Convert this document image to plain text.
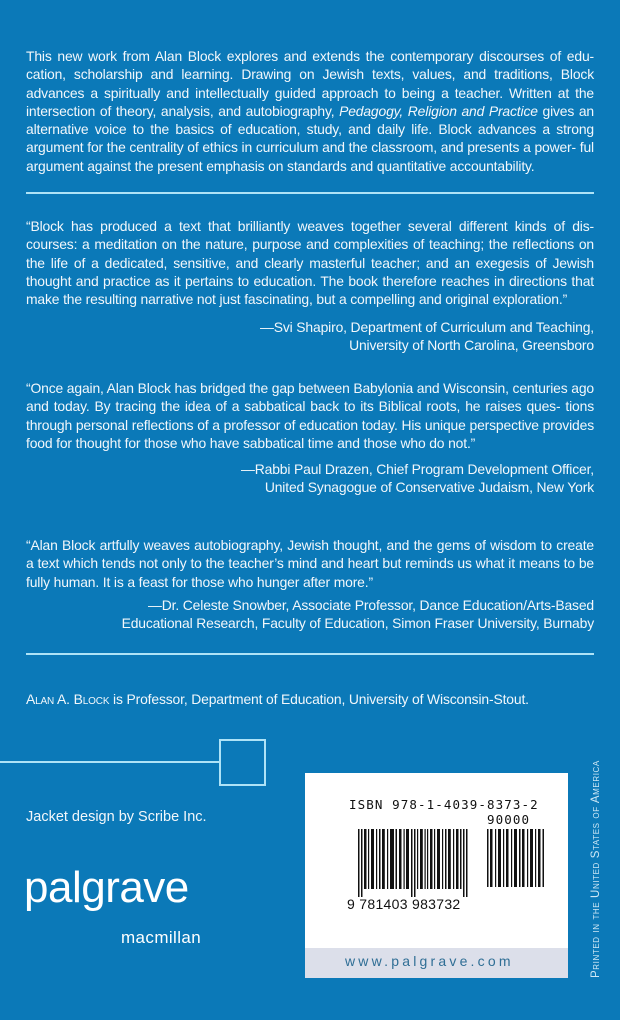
This new work from Alan Block explores and extends the contemporary discourses of edu- cation, scholarship and learning. Drawing on Jewish texts, values, and traditions, Block advances a spiritually and intellectually guided approach to being a teacher. Written at the intersection of theory, analysis, and autobiography, Pedagogy, Religion and Practice gives an alternative voice to the basics of education, study, and daily life. Block advances a strong argument for the centrality of ethics in curriculum and the classroom, and presents a power- ful argument against the present emphasis on standards and quantitative accountability.
“Block has produced a text that brilliantly weaves together several different kinds of dis- courses: a meditation on the nature, purpose and complexities of teaching; the reflections on the life of a dedicated, sensitive, and clearly masterful teacher; and an exegesis of Jewish thought and practice as it pertains to education. The book therefore reaches in directions that make the resulting narrative not just fascinating, but a compelling and original exploration.”
—Svi Shapiro, Department of Curriculum and Teaching,
University of North Carolina, Greensboro
“Once again, Alan Block has bridged the gap between Babylonia and Wisconsin, centuries ago and today. By tracing the idea of a sabbatical back to its Biblical roots, he raises ques- tions through personal reflections of a professor of education today. His unique perspective provides food for thought for those who have sabbatical time and those who do not.”
—Rabbi Paul Drazen, Chief Program Development Officer,
United Synagogue of Conservative Judaism, New York
“Alan Block artfully weaves autobiography, Jewish thought, and the gems of wisdom to create a text which tends not only to the teacher’s mind and heart but reminds us what it means to be fully human. It is a feast for those who hunger after more.”
—Dr. Celeste Snowber, Associate Professor, Dance Education/Arts-Based
Educational Research, Faculty of Education, Simon Fraser University, Burnaby
Alan A. Block is Professor, Department of Education, University of Wisconsin-Stout.
Jacket design by Scribe Inc.
palgrave
macmillan
ISBN 978-1-4039-8373-2
90000
9 781403 983732
www.palgrave.com	Printed in the United States of America
